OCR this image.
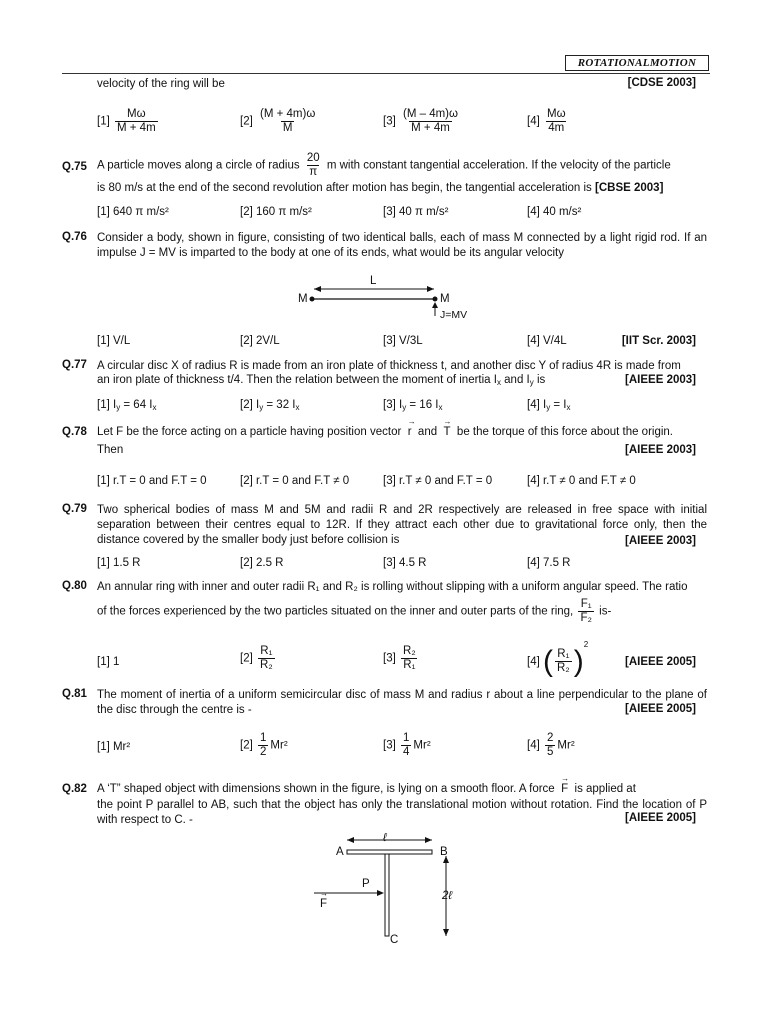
ROTATIONALMOTION
velocity of the ring will be	[CDSE 2003]
$[1] \frac{M\omega}{M + 4m}$	$[2] \frac{(M + 4m)\omega}{M}$	$[3] \frac{(M - 4m)\omega}{M + 4m}$	$[4] \frac{M\omega}{4m}$
Q.75 A particle moves along a circle of radius $\frac{20}{\pi}$ m with constant tangential acceleration. If the velocity of the particle
is 80 m/s at the end of the second revolution after motion has begin, the tangential acceleration is [CBSE 2003]
[1] 640 π m/s²	[2] 160 π m/s²	[3] 40 π m/s²	[4] 40 m/s²
Q.76 Consider a body, shown in figure, consisting of two identical balls, each of mass M connected by a light rigid rod. If an impulse J = MV is imparted to the body at one of its ends, what would be its angular velocity
L
M	M
J=MV
[1] V/L	[2] 2V/L	[3] V/3L	[4] V/4L	[IIT Scr. 2003]
Q.77 A circular disc X of radius R is made from an iron plate of thickness t, and another disc Y of radius 4R is made from
an iron plate of thickness t/4. Then the relation between the moment of inertia $I_x$ and $I_y$ is	[AIEEE 2003]
[1] $I_y = 64$ $I_x$	[2] $I_y = 32$ $I_x$	[3] $I_y = 16$ $I_x$	[4] $I_y = I_x$
Q.78 Let F be the force acting on a particle having position vector → r and → T be the torque of this force about the origin.
Then	[AIEEE 2003]
[1] r.T = 0 and F.T = 0	[2] r.T = 0 and F.T ≠ 0	[3] r.T ≠ 0 and F.T = 0	[4] r.T ≠ 0 and F.T ≠ 0
Q.79 Two spherical bodies of mass M and 5M and radii R and 2R respectively are released in free space with initial separation between their centres equal to 12R. If they attract each other due to gravitational force only, then the distance covered by the smaller body just before collision is	[AIEEE 2003]
[1] 1.5 R	[2] 2.5 R	[3] 4.5 R	[4] 7.5 R
Q.80 An annular ring with inner and outer radii R₁ and R₂ is rolling without slipping with a uniform angular speed. The ratio
of the forces experienced by the two particles situated on the inner and outer parts of the ring, $\frac{\text{F₁}}{\text{F₂}} is-$
[1] 1	$[2] \frac{\text{R₁}}{\text{R₂}}$	$[3] \frac{\text{R₂}}{\text{R₁}}$	[4] ( $\frac{\text{R₁}}{\text{R₂}} )^2$
[AIEEE 2005]
Q.81 The moment of inertia of a uniform semicircular disc of mass M and radius r about a line perpendicular to the plane of the disc through the centre is -	[AIEEE 2005]
[1] Mr²	$[2] \frac{1}{2} Mr^2$	$[3] \frac{1}{4} Mr^2$	$[4] \frac{2}{5} Mr^2$
Q.82 A ‘T” shaped object with dimensions shown in the figure, is lying on a smooth floor. A force → F is applied at
the point P parallel to AB, such that the object has only the translational motion without rotation. Find the location of P with respect to C. -	[AIEEE 2005]
ℓ
A	B
P
→ F
2ℓ
C
